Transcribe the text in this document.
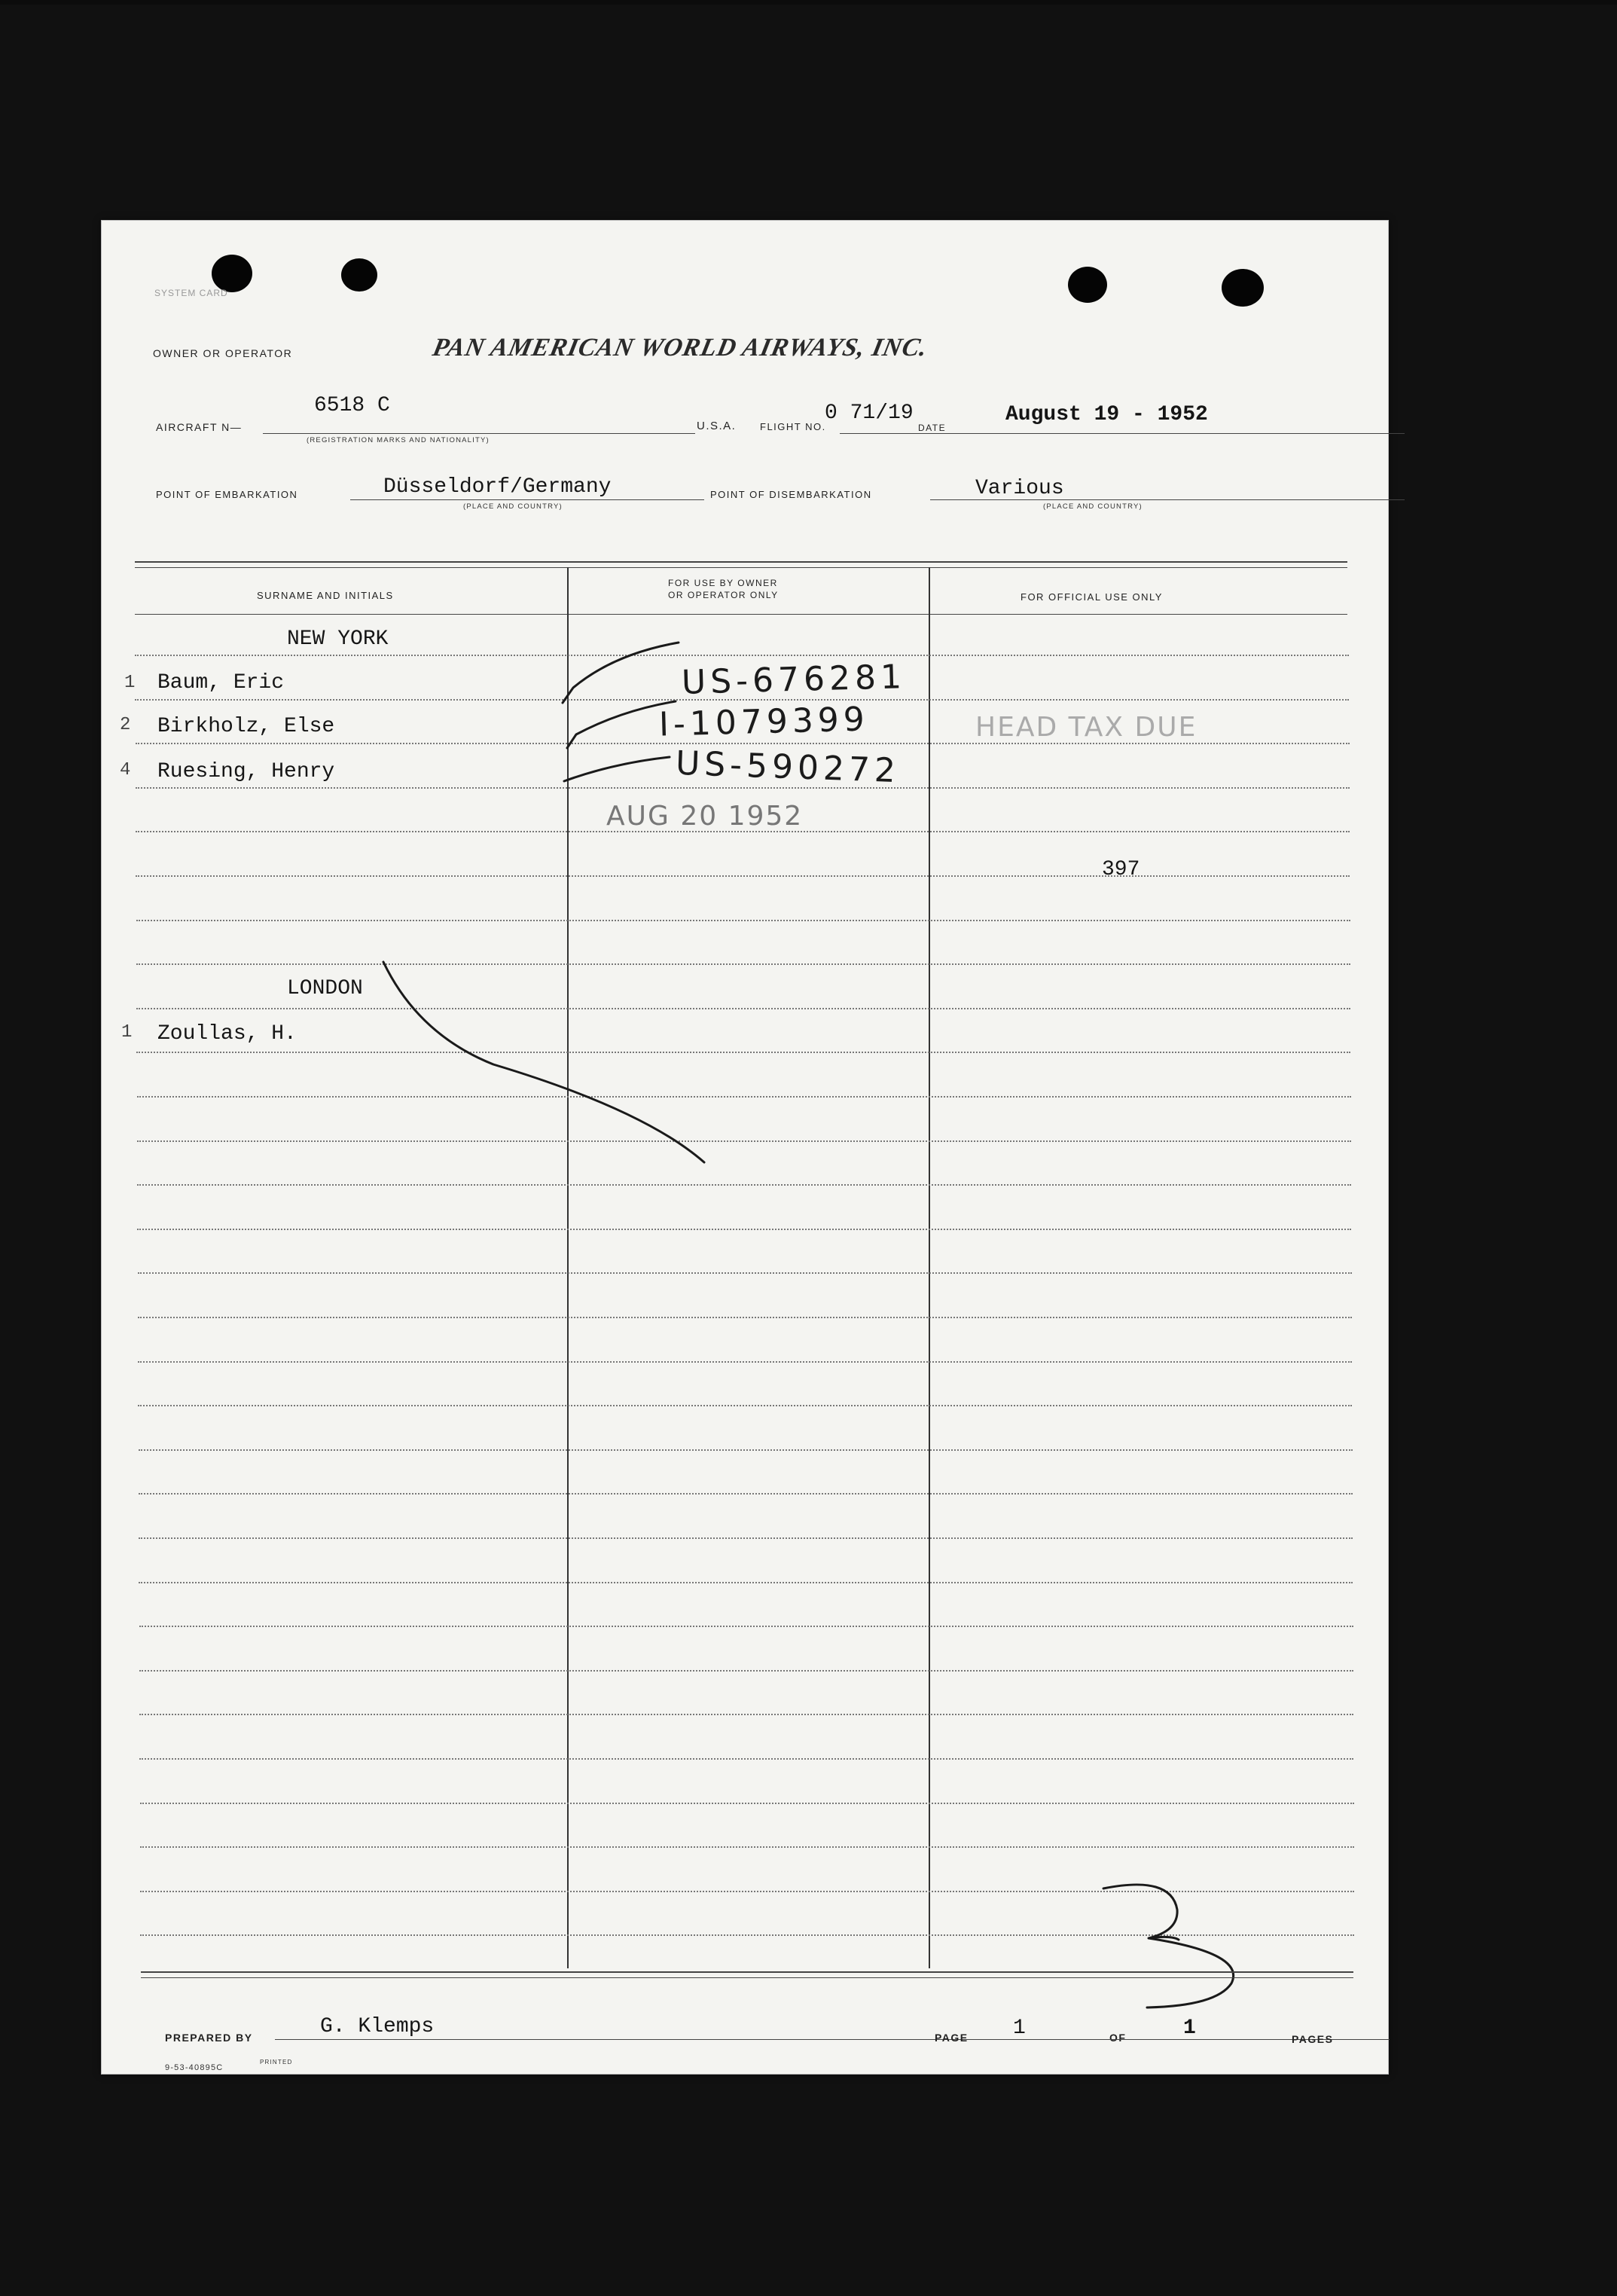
SYSTEM CARD
OWNER OR OPERATOR	PAN AMERICAN WORLD AIRWAYS, INC.
AIRCRAFT N—
6518 C
(REGISTRATION MARKS AND NATIONALITY)
U.S.A. FLIGHT NO.
0 71/19
DATE
August 19 - 1952
POINT OF EMBARKATION	Düsseldorf/Germany
(PLACE AND COUNTRY)
POINT OF DISEMBARKATION	Various
(PLACE AND COUNTRY)
SURNAME AND INITIALS
FOR USE BY OWNER
OR OPERATOR ONLY	FOR OFFICIAL USE ONLY
NEW YORK
1 Baum, Eric	US-676281
2 Birkholz, Else	I-1079399	HEAD TAX DUE
4 Ruesing, Henry	US-590272
AUG 20 1952
397
LONDON
1 Zoullas, H.
PREPARED BY	G. Klemps	PAGE 1	OF	1	PAGES
9-53-40895C
PRINTED
